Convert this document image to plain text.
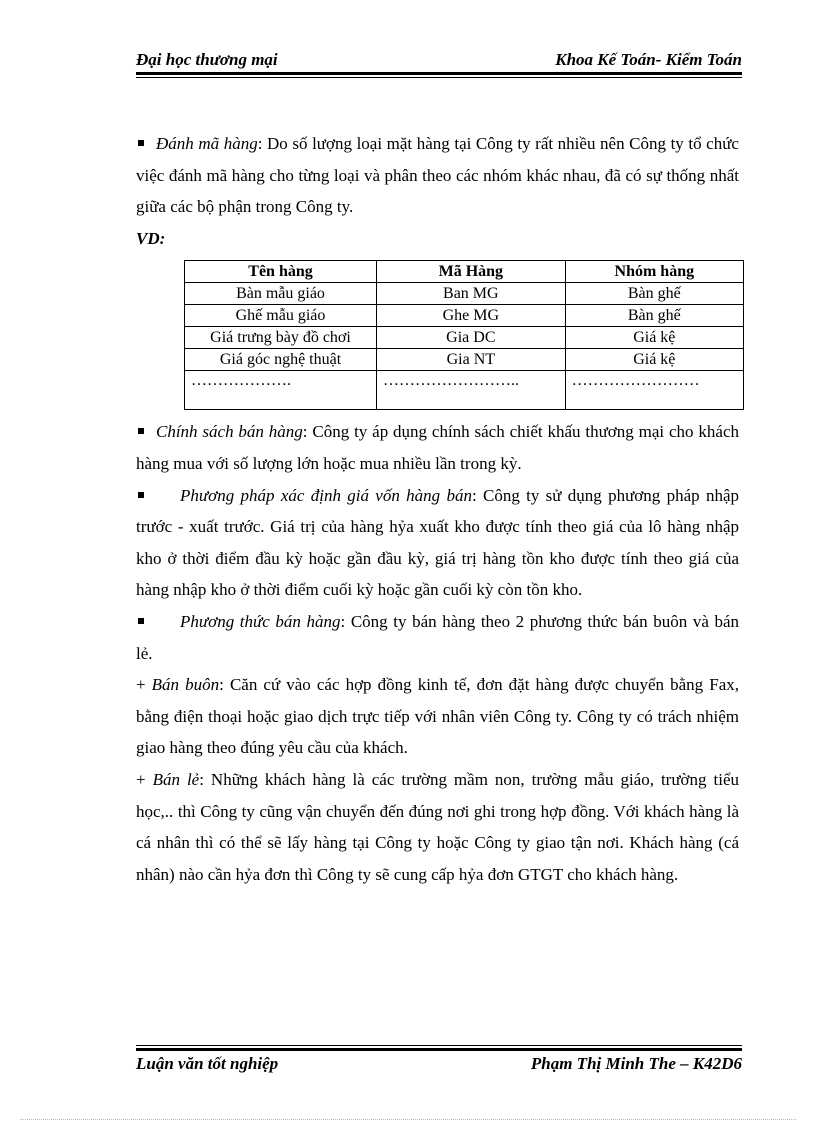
Đại học thương mại	Khoa Kế Toán- Kiểm Toán

Đánh mã hàng: Do số lượng loại mặt hàng tại Công ty rất nhiều nên Công ty tổ chức việc đánh mã hàng cho từng loại và phân theo các nhóm khác nhau, đã có sự thống nhất giữa các bộ phận trong Công ty.

VD:

Tên hàng	Mã Hàng	Nhóm hàng
Bàn mẫu giáo	Ban MG	Bàn ghế
Ghế mẫu giáo	Ghe MG	Bàn ghế
Giá trưng bày đồ chơi	Gia DC	Giá kệ
Giá góc nghệ thuật	Gia NT	Giá kệ
……………….	……………………..	……………………

Chính sách bán hàng: Công ty áp dụng chính sách chiết khấu thương mại cho khách hàng mua với số lượng lớn hoặc mua nhiều lần trong kỳ.

Phương pháp xác định giá vốn hàng bán: Công ty sử dụng phương pháp nhập trước - xuất trước. Giá trị của hàng hỷa xuất kho được tính theo giá của lô hàng nhập kho ở thời điểm đầu kỳ hoặc gần đầu kỳ, giá trị hàng tồn kho được tính theo giá của hàng nhập kho ở thời điểm cuối kỳ hoặc gần cuối kỳ còn tồn kho.

Phương thức bán hàng: Công ty bán hàng theo 2 phương thức bán buôn và bán lẻ.

+ Bán buôn: Căn cứ vào các hợp đồng kinh tế, đơn đặt hàng được chuyển bằng Fax, bằng điện thoại hoặc giao dịch trực tiếp với nhân viên Công ty. Công ty có trách nhiệm giao hàng theo đúng yêu cầu của khách.

+ Bán lẻ: Những khách hàng là các trường mầm non, trường mẫu giáo, trường tiểu học,.. thì Công ty cũng vận chuyển đến đúng nơi ghi trong hợp đồng. Với khách hàng là cá nhân thì có thể sẽ lấy hàng tại Công ty hoặc Công ty giao tận nơi. Khách hàng (cá nhân) nào cần hỷa đơn thì Công ty sẽ cung cấp hỷa đơn GTGT cho khách hàng.

Luận văn tốt nghiệp	Phạm Thị Minh The – K42D6
